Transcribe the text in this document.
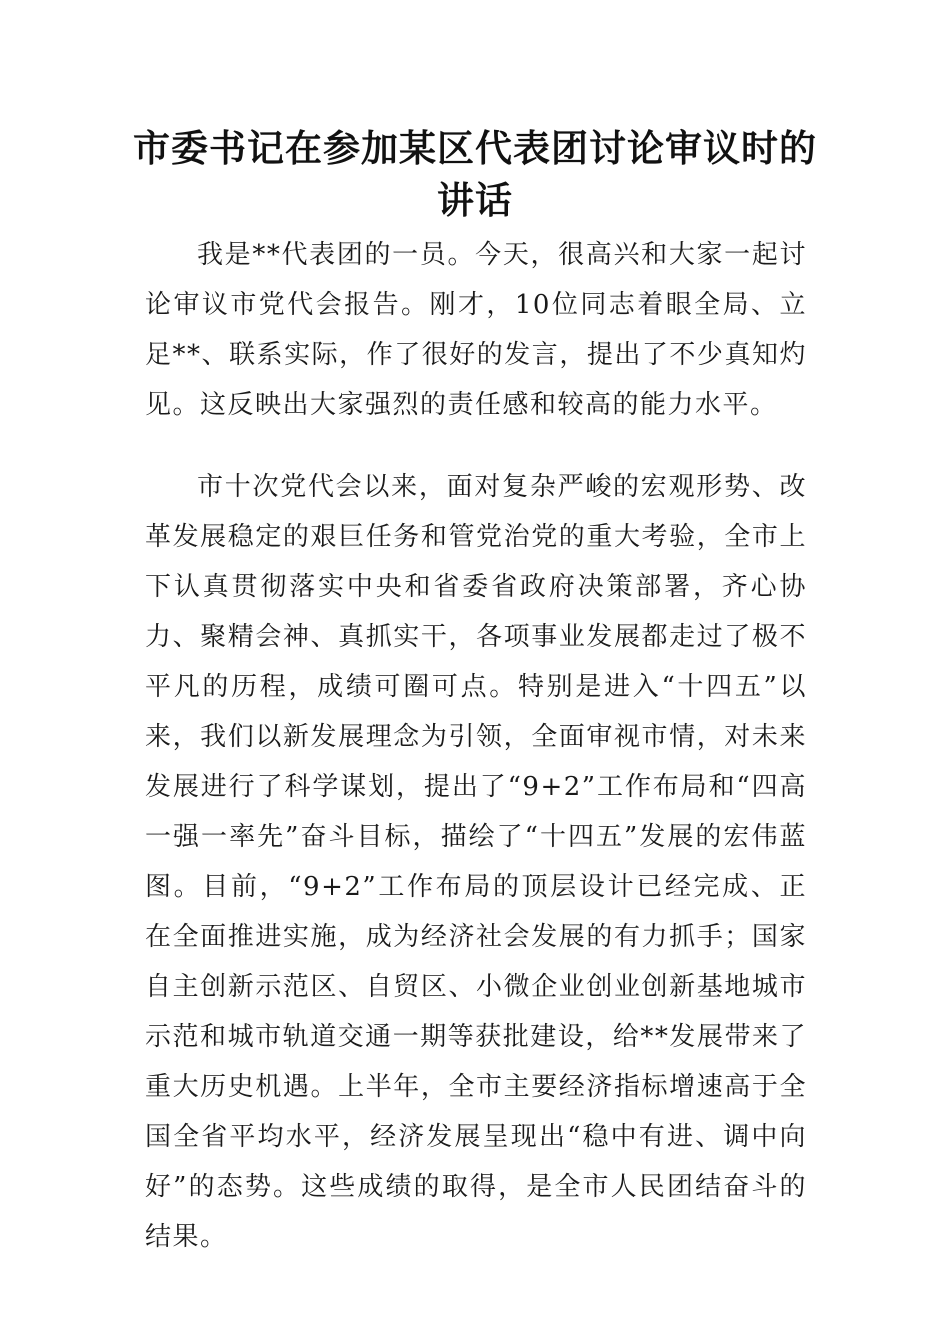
市委书记在参加某区代表团讨论审议时的讲话

我是**代表团的一员。今天，很高兴和大家一起讨论审议市党代会报告。刚才，10位同志着眼全局、立足**、联系实际，作了很好的发言，提出了不少真知灼见。这反映出大家强烈的责任感和较高的能力水平。

市十次党代会以来，面对复杂严峻的宏观形势、改革发展稳定的艰巨任务和管党治党的重大考验，全市上下认真贯彻落实中央和省委省政府决策部署，齐心协力、聚精会神、真抓实干，各项事业发展都走过了极不平凡的历程，成绩可圈可点。特别是进入“十四五”以来，我们以新发展理念为引领，全面审视市情，对未来发展进行了科学谋划，提出了“9+2”工作布局和“四高一强一率先”奋斗目标，描绘了“十四五”发展的宏伟蓝图。目前，“9+2”工作布局的顶层设计已经完成、正在全面推进实施，成为经济社会发展的有力抓手；国家自主创新示范区、自贸区、小微企业创业创新基地城市示范和城市轨道交通一期等获批建设，给**发展带来了重大历史机遇。上半年，全市主要经济指标增速高于全国全省平均水平，经济发展呈现出“稳中有进、调中向好”的态势。这些成绩的取得，是全市人民团结奋斗的结果。
